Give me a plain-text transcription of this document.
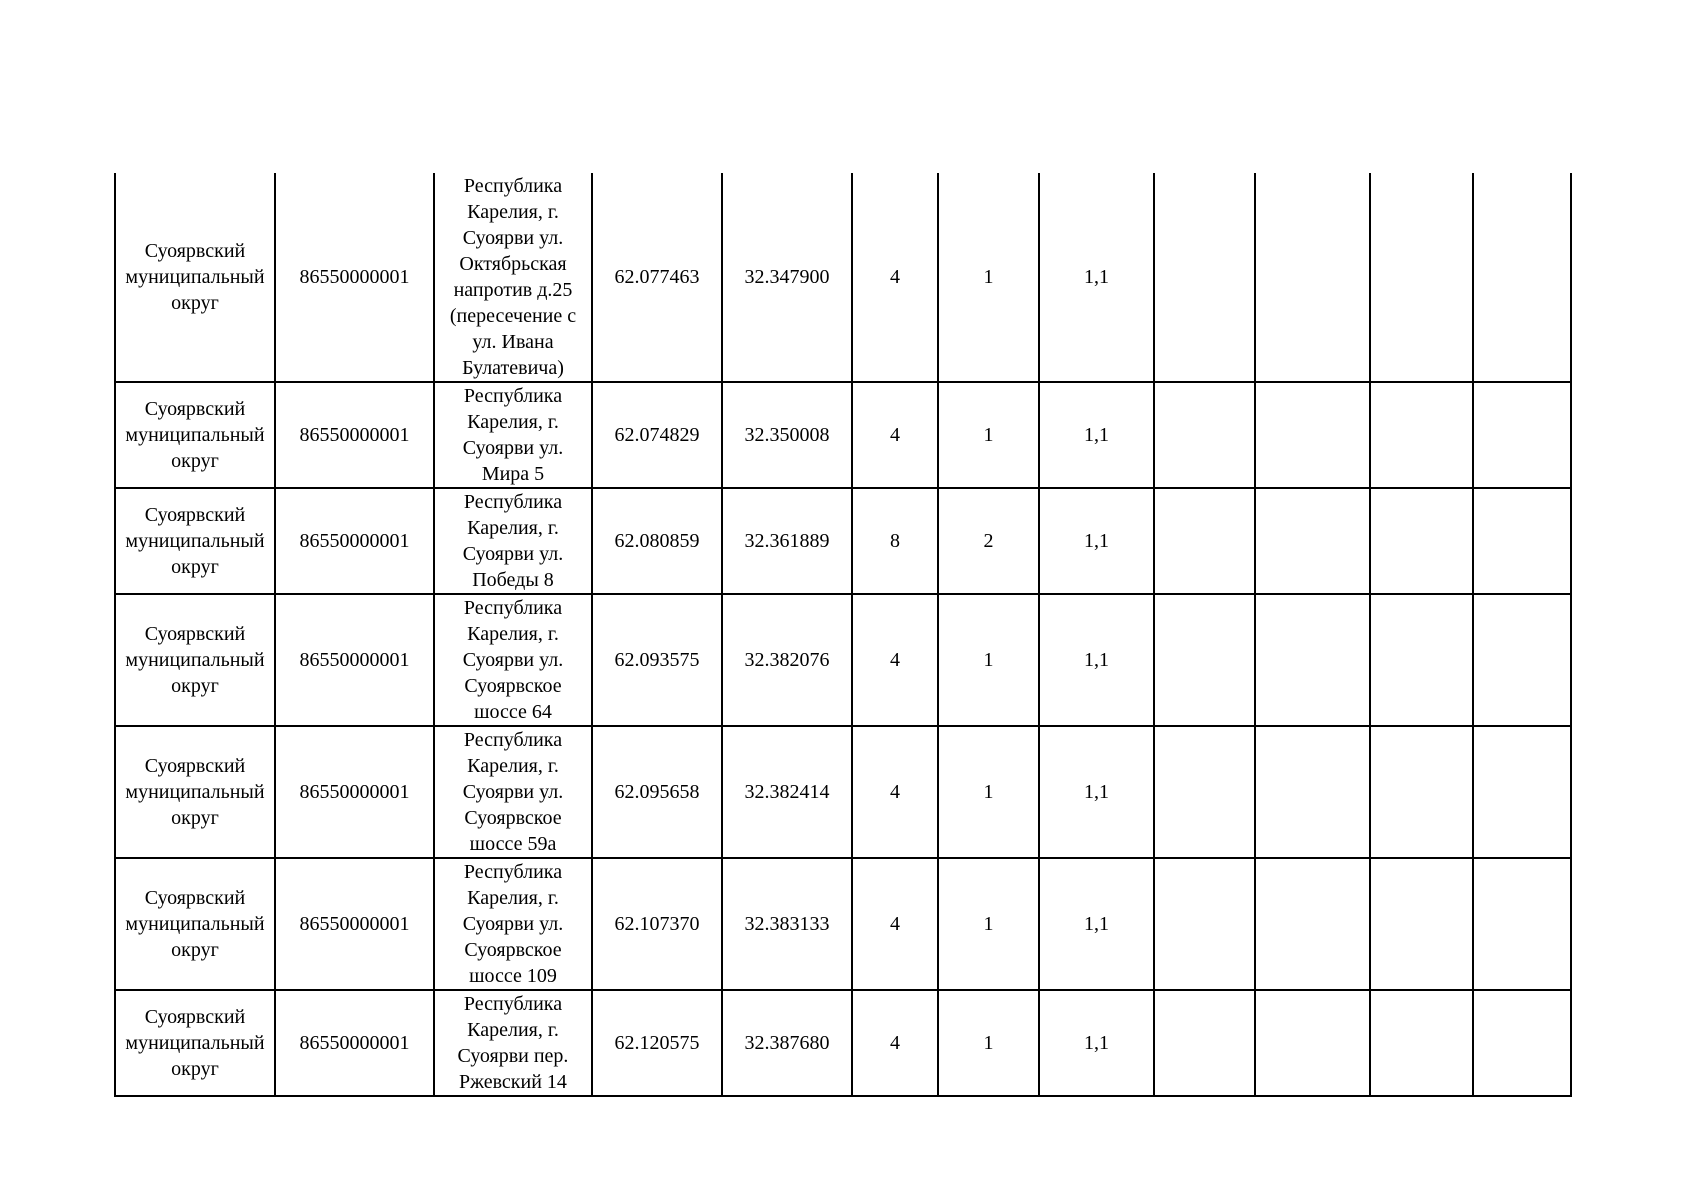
Суоярвский муниципальный округ	86550000001	Республика Карелия, г. Суоярви ул. Октябрьская напротив д.25 (пересечение с ул. Ивана Булатевича)	62.077463	32.347900	4	1	1,1				
Суоярвский муниципальный округ	86550000001	Республика Карелия, г. Суоярви ул. Мира 5	62.074829	32.350008	4	1	1,1				
Суоярвский муниципальный округ	86550000001	Республика Карелия, г. Суоярви ул. Победы 8	62.080859	32.361889	8	2	1,1				
Суоярвский муниципальный округ	86550000001	Республика Карелия, г. Суоярви ул. Суоярвское шоссе 64	62.093575	32.382076	4	1	1,1				
Суоярвский муниципальный округ	86550000001	Республика Карелия, г. Суоярви ул. Суоярвское шоссе 59а	62.095658	32.382414	4	1	1,1				
Суоярвский муниципальный округ	86550000001	Республика Карелия, г. Суоярви ул. Суоярвское шоссе 109	62.107370	32.383133	4	1	1,1				
Суоярвский муниципальный округ	86550000001	Республика Карелия, г. Суоярви пер. Ржевский 14	62.120575	32.387680	4	1	1,1				
